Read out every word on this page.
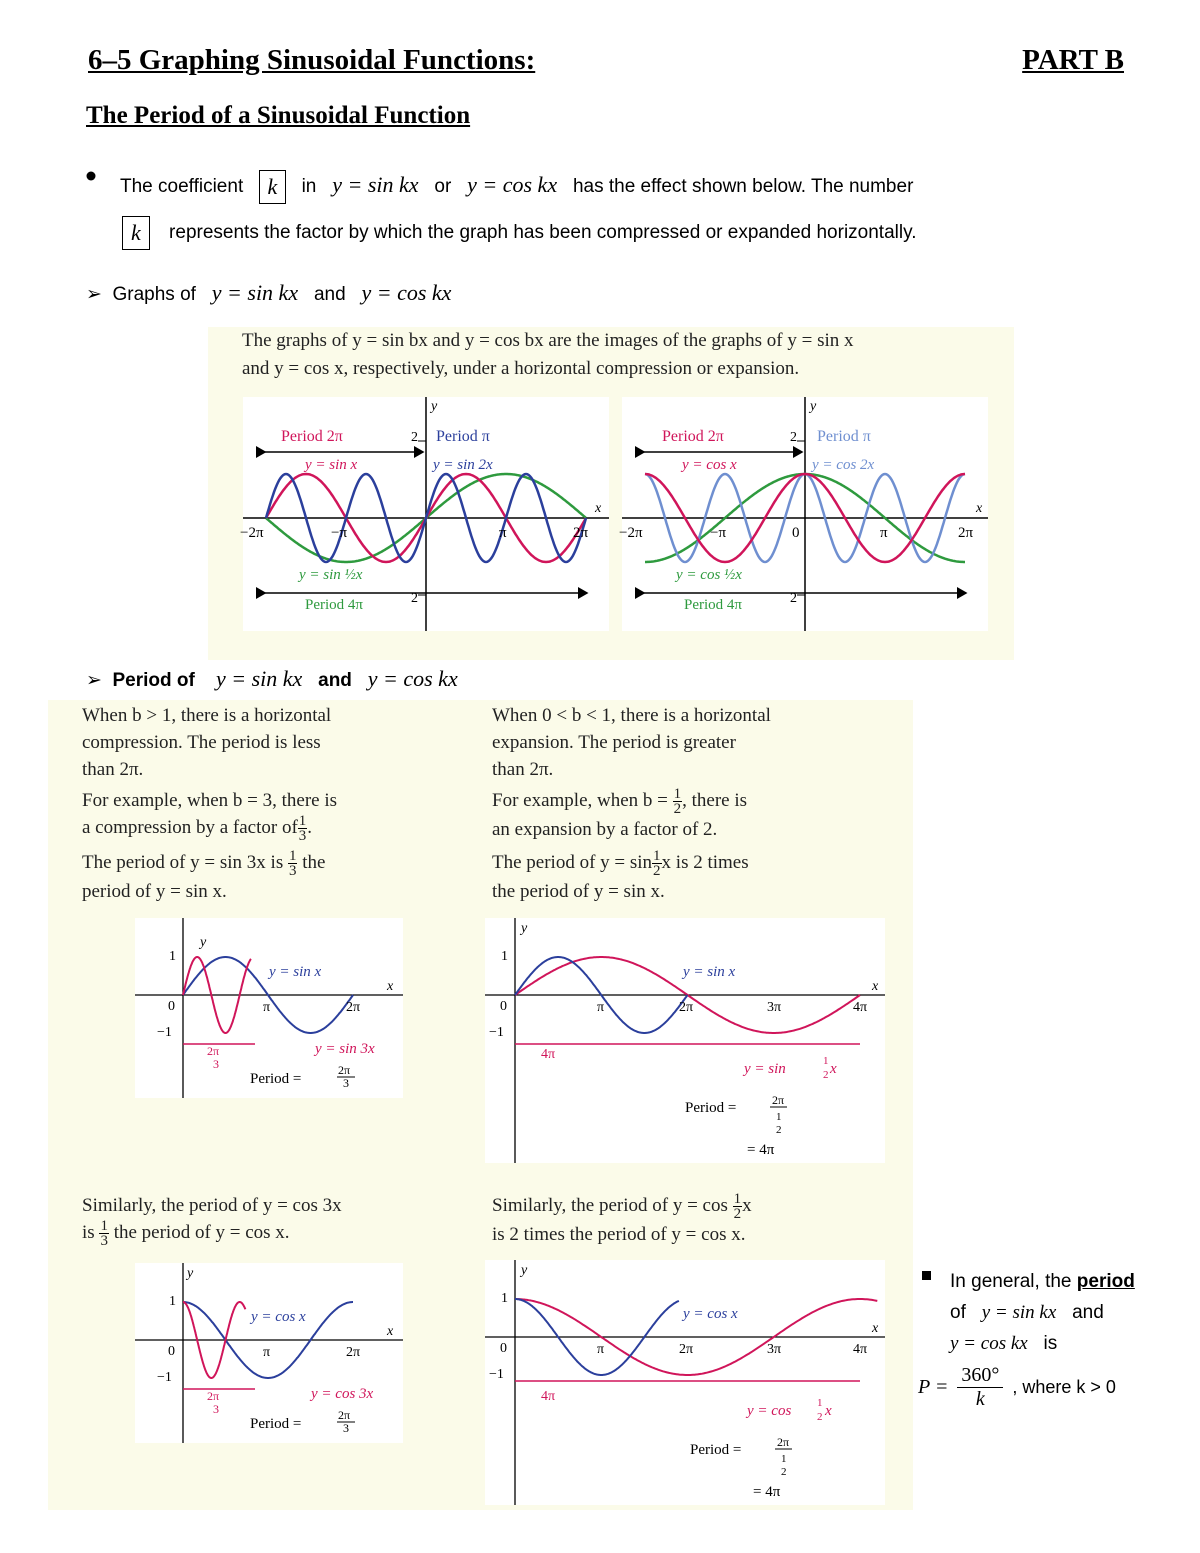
6–5 Graphing Sinusoidal Functions:	PART B
The Period of a Sinusoidal Function
The coefficient k in y = sin kx or y = cos kx has the effect shown below. The number
k represents the factor by which the graph has been compressed or expanded horizontally.
➢ Graphs of y = sin kx and y = cos kx
The graphs of y = sin bx and y = cos bx are the images of the graphs of y = sin x
and y = cos x, respectively, under a horizontal compression or expansion.
Period 2π	Period π
y = sin x	y = sin 2x
y = sin ½x
Period 4π
−2π	−π	π	2π
2
2
x
y
Period 2π	Period π
y = cos x	y = cos 2x
y = cos ½x
Period 4π
−2π	−π	0	π	2π
2
2
x
y
➢ Period of y = sin kx and y = cos kx
When b > 1, there is a horizontal
compression. The period is less
than 2π.
For example, when b = 3, there is
a compression by a factor of $\frac{1}{3}$ .
The period of y = sin 3x is $\frac{1}{3}$ the
period of y = sin x.
When 0 < b < 1, there is a horizontal
expansion. The period is greater
than 2π.
For example, when $b = \frac{1}{2}$ , there is
an expansion by a factor of 2.
The period of $y = \sin \frac{1}{2}$ x is 2 times
the period of y = sin x.
y
x
1
0
−1
π	2π
y = sin x
y = sin 3x
2π
3
Period =
2π
3
y
x
1
0
−1
π	2π	3π	4π
y = sin x
4π
y = sin	1
2 x
Period =	2π
1
2
= 4π
Similarly, the period of y = cos 3x
is $\frac{1}{3}$ the period of y = cos x.
Similarly, the period of $y = \cos \frac{1}{2}$ x
is 2 times the period of y = cos x.
y
x
1
0
−1
π	2π
y = cos x
y = cos 3x
2π
3
Period =
2π
3
y
x
1
0
−1
π	2π	3π	4π
y = cos x
4π
y = cos 1
2 x
Period =	2π
1
2
= 4π
In general, the period
of y = sin kx and
y = cos kx is
$P = \frac{360^\circ}{k}$ , where k > 0
